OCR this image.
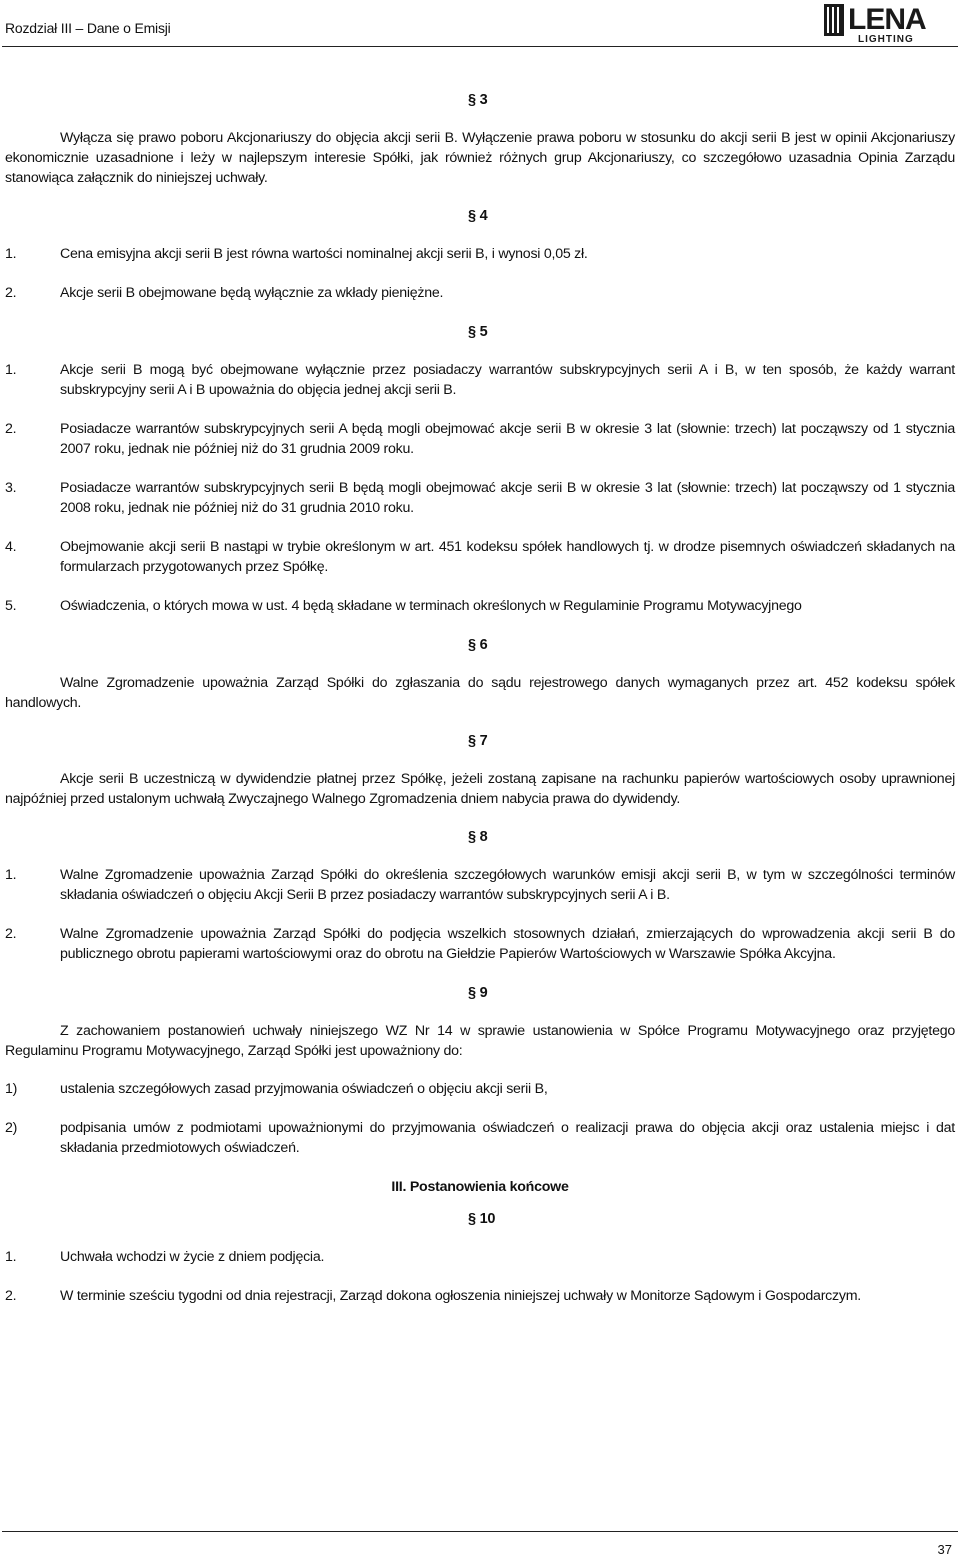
Rozdział III – Dane o Emisji	LENA
LIGHTING
§ 3

Wyłącza się prawo poboru Akcjonariuszy do objęcia akcji serii B. Wyłączenie prawa poboru w stosunku do akcji serii B jest w opinii Akcjonariuszy ekonomicznie uzasadnione i leży w najlepszym interesie Spółki, jak również różnych grup Akcjonariuszy, co szczegółowo uzasadnia Opinia Zarządu stanowiąca załącznik do niniejszej uchwały.

§ 4
1.	Cena emisyjna akcji serii B jest równa wartości nominalnej akcji serii B, i wynosi 0,05 zł.
2.	Akcje serii B obejmowane będą wyłącznie za wkłady pieniężne.
§ 5
1.	Akcje serii B mogą być obejmowane wyłącznie przez posiadaczy warrantów subskrypcyjnych serii A i B, w ten sposób, że każdy warrant subskrypcyjny serii A i B upoważnia do objęcia jednej akcji serii B.
2.	Posiadacze warrantów subskrypcyjnych serii A będą mogli obejmować akcje serii B w okresie 3 lat (słownie: trzech) lat począwszy od 1 stycznia 2007 roku, jednak nie później niż do 31 grudnia 2009 roku.
3.	Posiadacze warrantów subskrypcyjnych serii B będą mogli obejmować akcje serii B w okresie 3 lat (słownie: trzech) lat począwszy od 1 stycznia 2008 roku, jednak nie później niż do 31 grudnia 2010 roku.
4.	Obejmowanie akcji serii B nastąpi w trybie określonym w art. 451 kodeksu spółek handlowych tj. w drodze pisemnych oświadczeń składanych na formularzach przygotowanych przez Spółkę.
5.	Oświadczenia, o których mowa w ust. 4 będą składane w terminach określonych w Regulaminie Programu Motywacyjnego
§ 6

Walne Zgromadzenie upoważnia Zarząd Spółki do zgłaszania do sądu rejestrowego danych wymaganych przez art. 452 kodeksu spółek handlowych.

§ 7

Akcje serii B uczestniczą w dywidendzie płatnej przez Spółkę, jeżeli zostaną zapisane na rachunku papierów wartościowych osoby uprawnionej najpóźniej przed ustalonym uchwałą Zwyczajnego Walnego Zgromadzenia dniem nabycia prawa do dywidendy.

§ 8
1.	Walne Zgromadzenie upoważnia Zarząd Spółki do określenia szczegółowych warunków emisji akcji serii B, w tym w szczególności terminów składania oświadczeń o objęciu Akcji Serii B przez posiadaczy warrantów subskrypcyjnych serii A i B.
2.	Walne Zgromadzenie upoważnia Zarząd Spółki do podjęcia wszelkich stosownych działań, zmierzających do wprowadzenia akcji serii B do publicznego obrotu papierami wartościowymi oraz do obrotu na Giełdzie Papierów Wartościowych w Warszawie Spółka Akcyjna.
§ 9

Z zachowaniem postanowień uchwały niniejszego WZ Nr 14 w sprawie ustanowienia w Spółce Programu Motywacyjnego oraz przyjętego Regulaminu Programu Motywacyjnego, Zarząd Spółki jest upoważniony do:

1)	ustalenia szczegółowych zasad przyjmowania oświadczeń o objęciu akcji serii B,
2)	podpisania umów z podmiotami upoważnionymi do przyjmowania oświadczeń o realizacji prawa do objęcia akcji oraz ustalenia miejsc i dat składania przedmiotowych oświadczeń.
III. Postanowienia końcowe
§ 10
1.	Uchwała wchodzi w życie z dniem podjęcia.
2.	W terminie sześciu tygodni od dnia rejestracji, Zarząd dokona ogłoszenia niniejszej uchwały w Monitorze Sądowym i Gospodarczym.
37
